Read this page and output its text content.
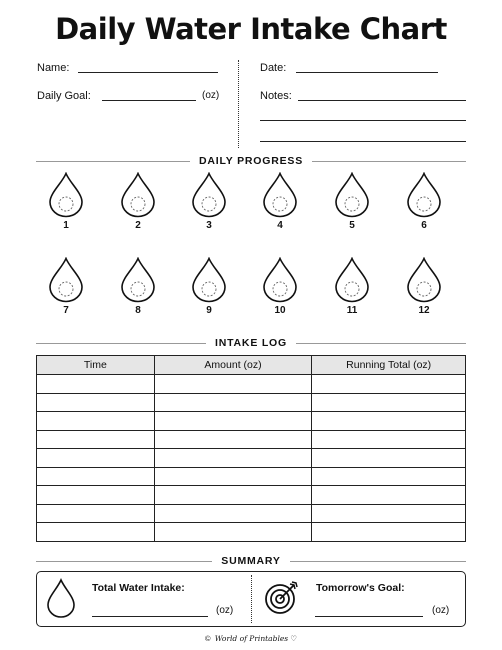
Daily Water Intake Chart
Name:
Daily Goal:	(oz)
Date:
Notes:
DAILY PROGRESS
1	2	3	4	5	6
7	8	9	10	11	12
INTAKE LOG
Time	Amount (oz)	Running Total (oz)

SUMMARY
Total Water Intake:
(oz)
Tomorrow's Goal:
(oz)
© World of Printables ♡
